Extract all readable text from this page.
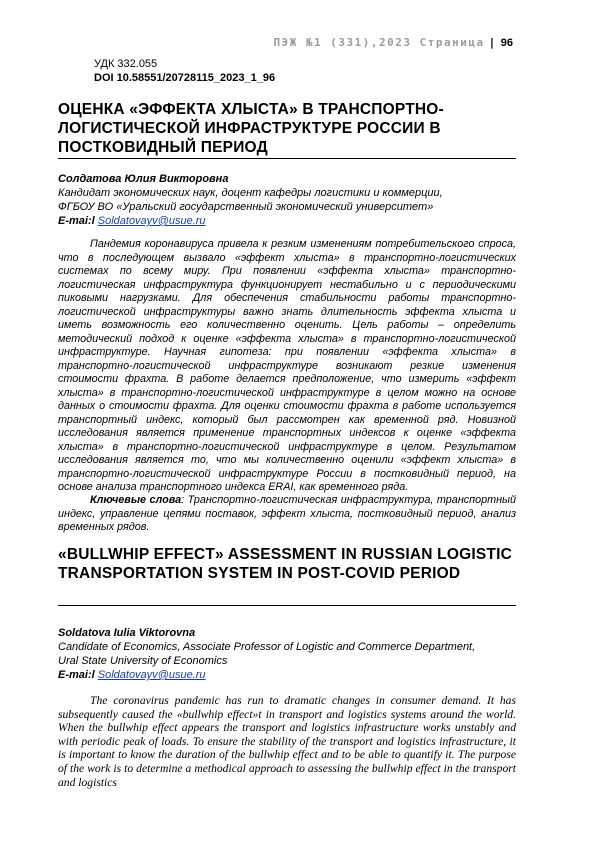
ПЭЖ №1 (331),2023 Страница | 96
УДК 332.055
DOI 10.58551/20728115_2023_1_96
ОЦЕНКА «ЭФФЕКТА ХЛЫСТА» В ТРАНСПОРТНО-ЛОГИСТИЧЕСКОЙ ИНФРАСТРУКТУРЕ РОССИИ В ПОСТКОВИДНЫЙ ПЕРИОД
Солдатова Юлия Викторовна
Кандидат экономических наук, доцент кафедры логистики и коммерции,
ФГБОУ ВО «Уральский государственный экономический университет»
E-mai:l Soldatovayv@usue.ru

Пандемия коронавируса привела к резким изменениям потребительского спроса, что в последующем вызвало «эффект хлыста» в транспортно-логистических системах по всему миру. При появлении «эффекта хлыста» транспортно-логистическая инфраструктура функционирует нестабильно и с периодическими пиковыми нагрузками. Для обеспечения стабильности работы транспортно-логистической инфраструктуры важно знать длительность эффекта хлыста и иметь возможность его количественно оценить. Цель работы – определить методический подход к оценке «эффекта хлыста» в транспортно-логистической инфраструктуре. Научная гипотеза: при появлении «эффекта хлыста» в транспортно-логистической инфраструктуре возникают резкие изменения стоимости фрахта. В работе делается предположение, что измерить «эффект хлыста» в транспортно-логистической инфраструктуре в целом можно на основе данных о стоимости фрахта. Для оценки стоимости фрахта в работе используется транспортный индекс, который был рассмотрен как временной ряд. Новизной исследования является применение транспортных индексов к оценке «эффекта хлыста» в транспортно-логистической инфраструктуре в целом. Результатом исследования является то, что мы количественно оценили «эффект хлыста» в транспортно-логистической инфраструктуре России в постковидный период, на основе анализа транспортного индекса ERAI, как временного ряда.

Ключевые слова: Транспортно-логистическая инфраструктура, транспортный индекс, управление цепями поставок, эффект хлыста, постковидный период, анализ временных рядов.
«BULLWHIP EFFECT» ASSESSMENT IN RUSSIAN LOGISTIC TRANSPORTATION SYSTEM IN POST-COVID PERIOD
Soldatova Iulia Viktorovna
Candidate of Economics, Associate Professor of Logistic and Commerce Department,
Ural State University of Economics
E-mai:l Soldatovayv@usue.ru

The coronavirus pandemic has run to dramatic changes in consumer demand. It has subsequently caused the «bullwhip effect»t in transport and logistics systems around the world. When the bullwhip effect appears the transport and logistics infrastructure works unstably and with periodic peak of loads. To ensure the stability of the transport and logistics infrastructure, it is important to know the duration of the bullwhip effect and to be able to quantify it. The purpose of the work is to determine a methodical approach to assessing the bullwhip effect in the transport and logistics
